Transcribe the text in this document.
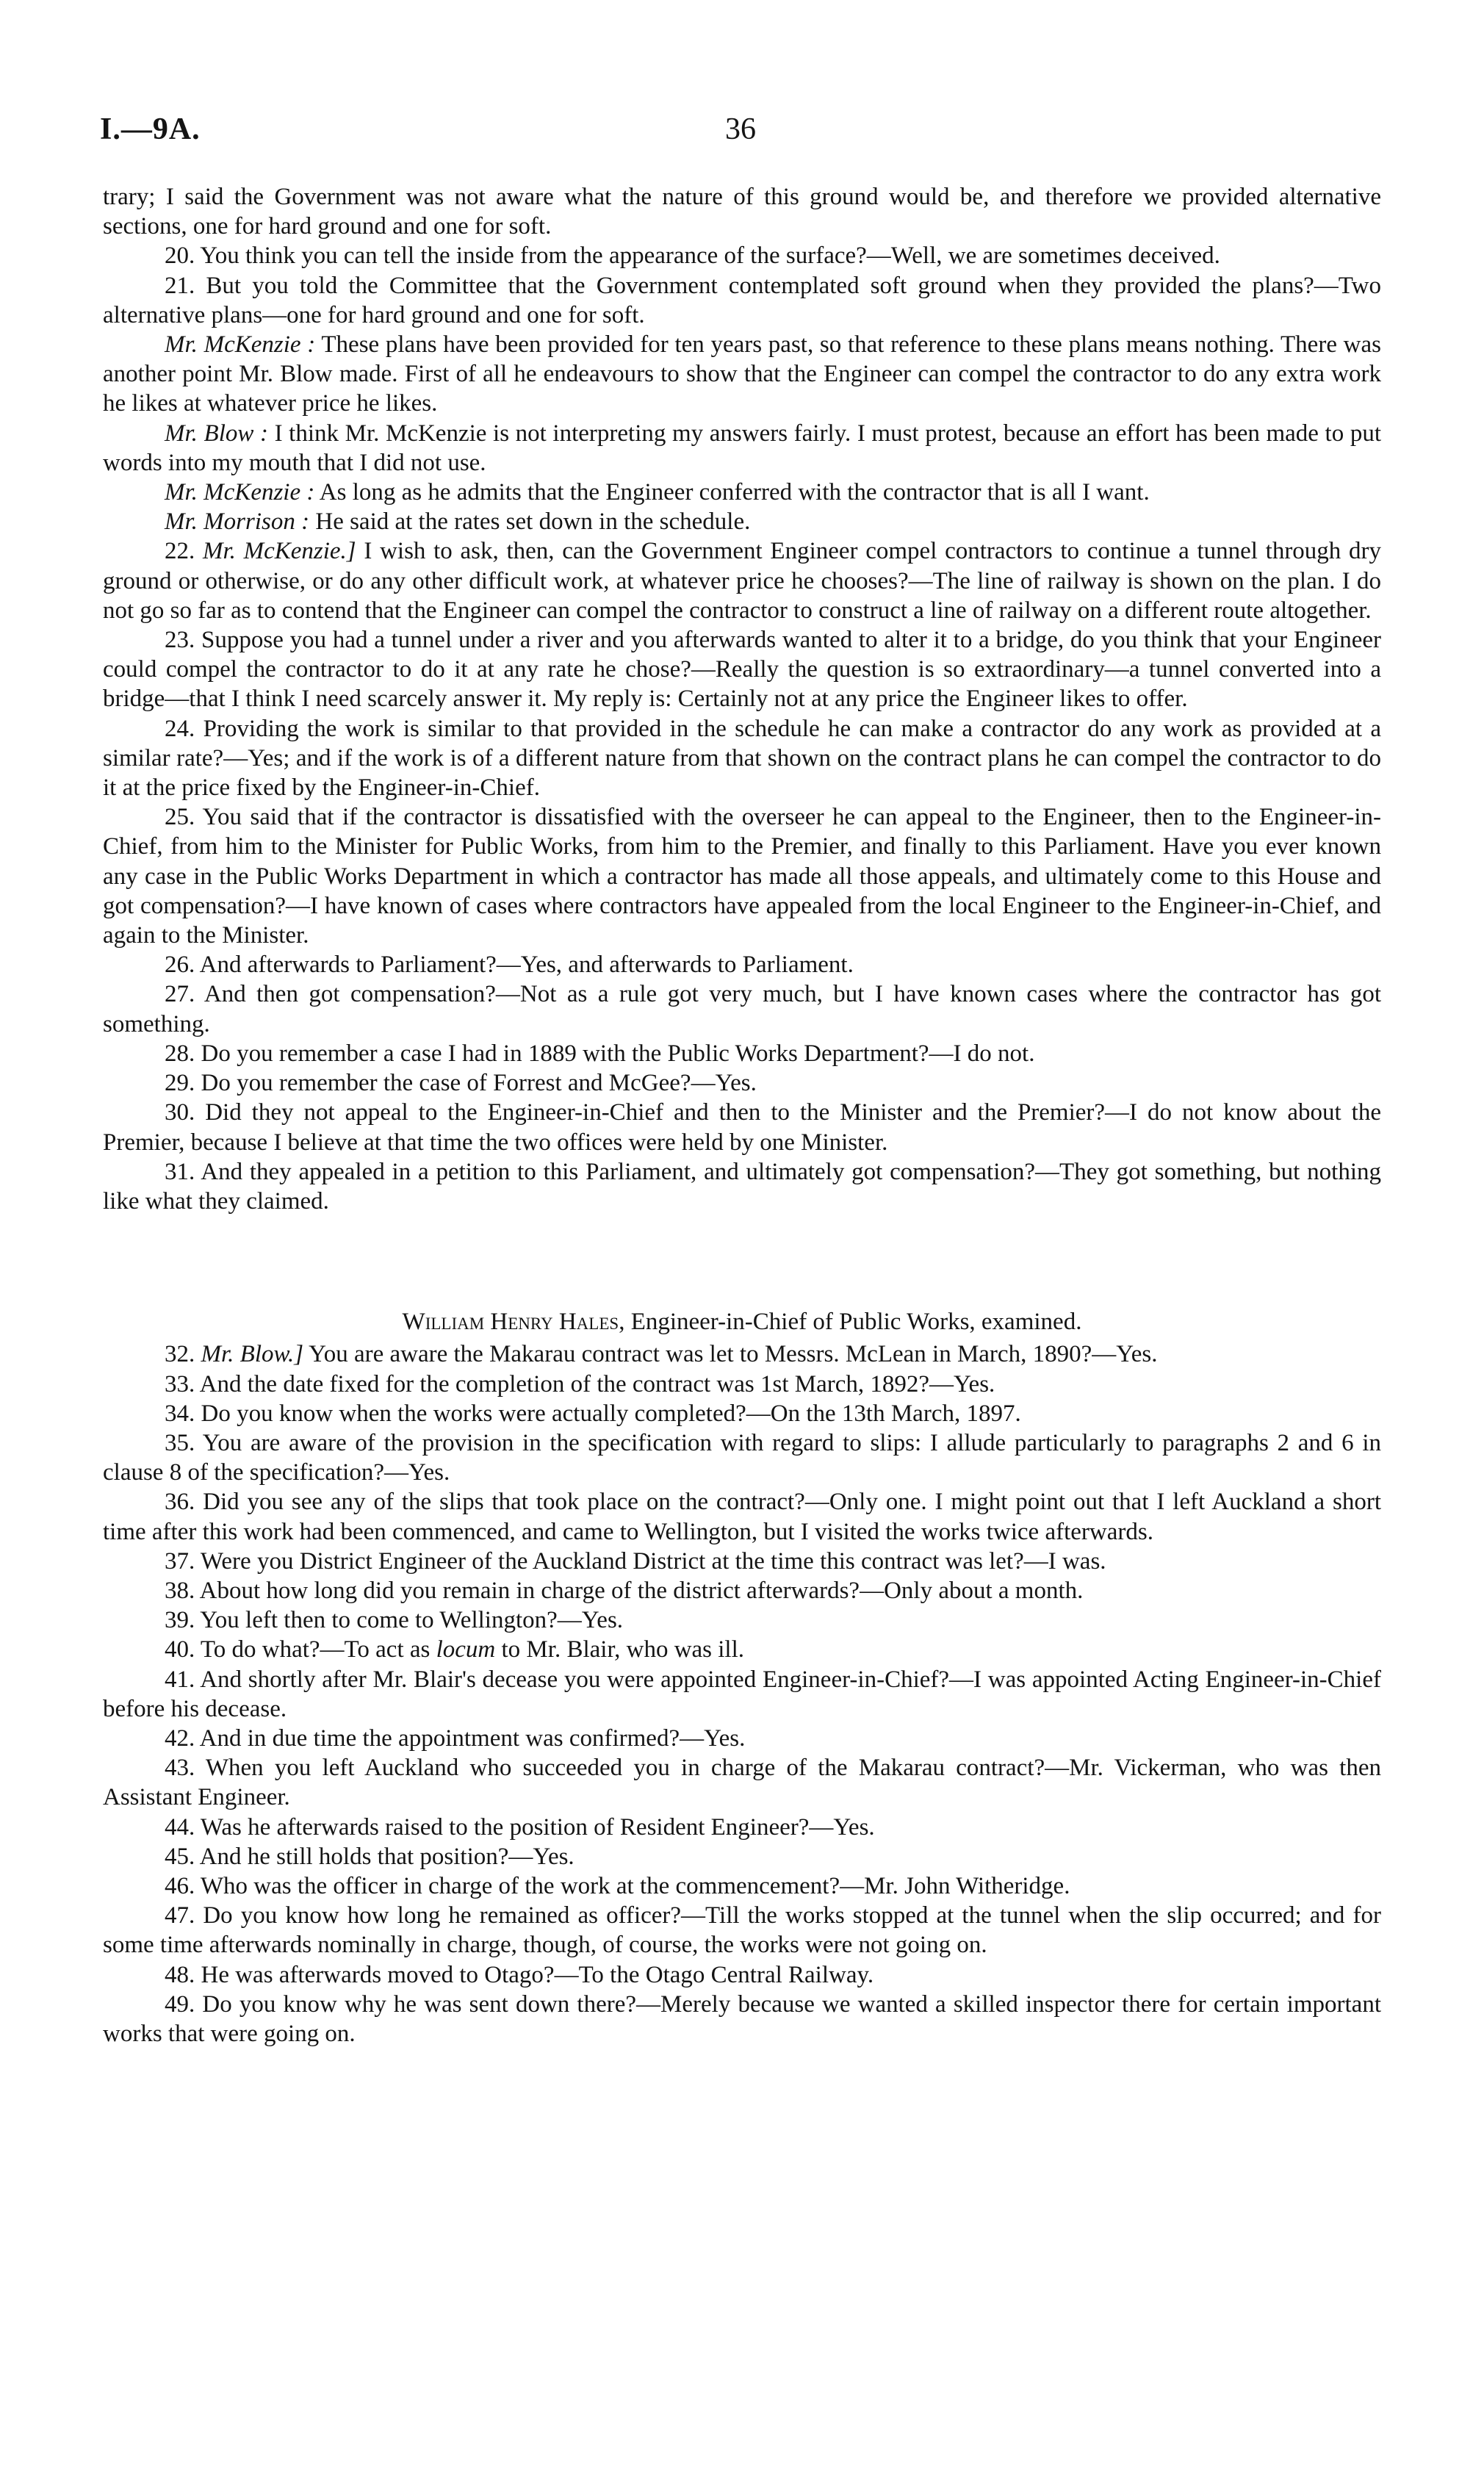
I.—9A.	36

trary; I said the Government was not aware what the nature of this ground would be, and therefore we provided alternative sections, one for hard ground and one for soft.

20. You think you can tell the inside from the appearance of the surface?—Well, we are sometimes deceived.

21. But you told the Committee that the Government contemplated soft ground when they provided the plans?—Two alternative plans—one for hard ground and one for soft.

Mr. McKenzie : These plans have been provided for ten years past, so that reference to these plans means nothing. There was another point Mr. Blow made. First of all he endeavours to show that the Engineer can compel the contractor to do any extra work he likes at whatever price he likes.

Mr. Blow : I think Mr. McKenzie is not interpreting my answers fairly. I must protest, because an effort has been made to put words into my mouth that I did not use.

Mr. McKenzie : As long as he admits that the Engineer conferred with the contractor that is all I want.

Mr. Morrison : He said at the rates set down in the schedule.

22. Mr. McKenzie.] I wish to ask, then, can the Government Engineer compel contractors to continue a tunnel through dry ground or otherwise, or do any other difficult work, at whatever price he chooses?—The line of railway is shown on the plan. I do not go so far as to contend that the Engineer can compel the contractor to construct a line of railway on a different route altogether.

23. Suppose you had a tunnel under a river and you afterwards wanted to alter it to a bridge, do you think that your Engineer could compel the contractor to do it at any rate he chose?—Really the question is so extraordinary—a tunnel converted into a bridge—that I think I need scarcely answer it. My reply is: Certainly not at any price the Engineer likes to offer.

24. Providing the work is similar to that provided in the schedule he can make a contractor do any work as provided at a similar rate?—Yes; and if the work is of a different nature from that shown on the contract plans he can compel the contractor to do it at the price fixed by the Engineer-in-Chief.

25. You said that if the contractor is dissatisfied with the overseer he can appeal to the Engineer, then to the Engineer-in-Chief, from him to the Minister for Public Works, from him to the Premier, and finally to this Parliament. Have you ever known any case in the Public Works Department in which a contractor has made all those appeals, and ultimately come to this House and got compensation?—I have known of cases where contractors have appealed from the local Engineer to the Engineer-in-Chief, and again to the Minister.

26. And afterwards to Parliament?—Yes, and afterwards to Parliament.

27. And then got compensation?—Not as a rule got very much, but I have known cases where the contractor has got something.

28. Do you remember a case I had in 1889 with the Public Works Department?—I do not.

29. Do you remember the case of Forrest and McGee?—Yes.

30. Did they not appeal to the Engineer-in-Chief and then to the Minister and the Premier?—I do not know about the Premier, because I believe at that time the two offices were held by one Minister.

31. And they appealed in a petition to this Parliament, and ultimately got compensation?—They got something, but nothing like what they claimed.

William Henry Hales, Engineer-in-Chief of Public Works, examined.

32. Mr. Blow.] You are aware the Makarau contract was let to Messrs. McLean in March, 1890?—Yes.

33. And the date fixed for the completion of the contract was 1st March, 1892?—Yes.

34. Do you know when the works were actually completed?—On the 13th March, 1897.

35. You are aware of the provision in the specification with regard to slips: I allude particularly to paragraphs 2 and 6 in clause 8 of the specification?—Yes.

36. Did you see any of the slips that took place on the contract?—Only one. I might point out that I left Auckland a short time after this work had been commenced, and came to Wellington, but I visited the works twice afterwards.

37. Were you District Engineer of the Auckland District at the time this contract was let?—I was.

38. About how long did you remain in charge of the district afterwards?—Only about a month.

39. You left then to come to Wellington?—Yes.

40. To do what?—To act as locum to Mr. Blair, who was ill.

41. And shortly after Mr. Blair's decease you were appointed Engineer-in-Chief?—I was appointed Acting Engineer-in-Chief before his decease.

42. And in due time the appointment was confirmed?—Yes.

43. When you left Auckland who succeeded you in charge of the Makarau contract?—Mr. Vickerman, who was then Assistant Engineer.

44. Was he afterwards raised to the position of Resident Engineer?—Yes.

45. And he still holds that position?—Yes.

46. Who was the officer in charge of the work at the commencement?—Mr. John Witheridge.

47. Do you know how long he remained as officer?—Till the works stopped at the tunnel when the slip occurred; and for some time afterwards nominally in charge, though, of course, the works were not going on.

48. He was afterwards moved to Otago?—To the Otago Central Railway.

49. Do you know why he was sent down there?—Merely because we wanted a skilled inspector there for certain important works that were going on.
